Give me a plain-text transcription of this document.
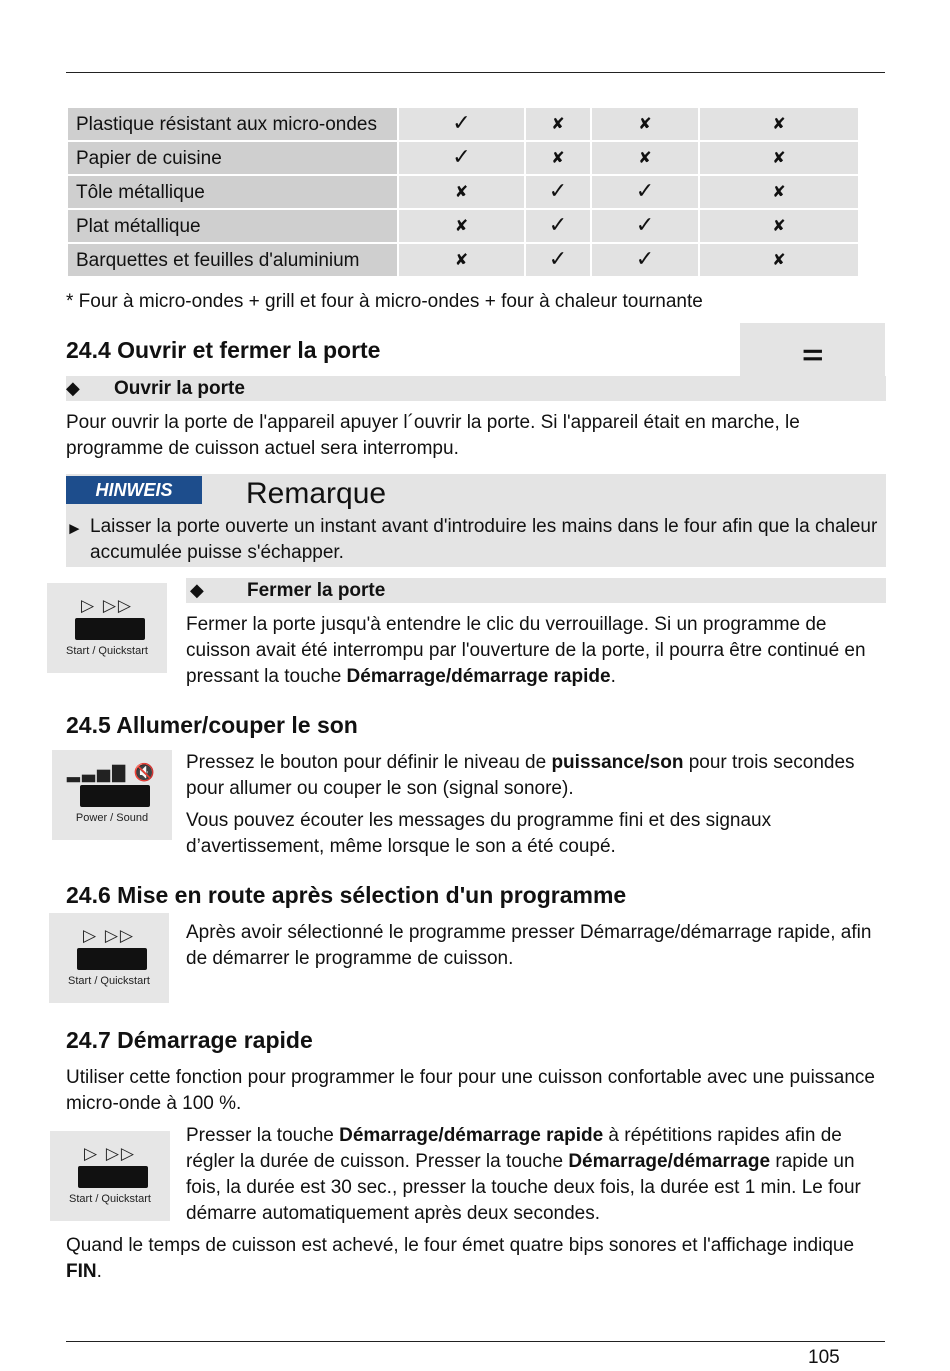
Plastique résistant aux micro-ondes	✓	✘	✘	✘
Papier de cuisine	✓	✘	✘	✘
Tôle métallique	✘	✓	✓	✘
Plat métallique	✘	✓	✓	✘
Barquettes et feuilles d'aluminium	✘	✓	✓	✘

* Four à micro-ondes + grill et four à micro-ondes + four à chaleur tournante

24.4 Ouvrir et fermer la porte	⚌
◆ Ouvrir la porte

Pour ouvrir la porte de l'appareil apuyer l´ouvrir la porte. Si l'appareil était en marche, le programme de cuisson actuel sera interrompu.

HINWEIS	Remarque
► Laisser la porte ouverte un instant avant d'introduire les mains dans le four afin que la chaleur accumulée puisse s'échapper.
▷ ▷▷
Start / Quickstart
◆ Fermer la porte

Fermer la porte jusqu'à entendre le clic du verrouillage. Si un programme de cuisson avait été interrompu par l'ouverture de la porte, il pourra être continué en pressant la touche Démarrage/démarrage rapide.

24.5 Allumer/couper le son
▂▃▅▇ 🔇
Power / Sound

Pressez le bouton pour définir le niveau de puissance/son pour trois secondes pour allumer ou couper le son (signal sonore).

Vous pouvez écouter les messages du programme fini et des signaux d’avertissement, même lorsque le son a été coupé.

24.6 Mise en route après sélection d'un programme
▷ ▷▷
Start / Quickstart

Après avoir sélectionné le programme presser Démarrage/démarrage rapide, afin de démarrer le programme de cuisson.

24.7 Démarrage rapide

Utiliser cette fonction pour programmer le four pour une cuisson confortable avec une puissance micro-onde à 100 %.

▷ ▷▷
Start / Quickstart

Presser la touche Démarrage/démarrage rapide à répétitions rapides afin de régler la durée de cuisson. Presser la touche Démarrage/démarrage rapide un fois, la durée est 30 sec., presser la touche deux fois, la durée est 1 min. Le four démarre automatiquement après deux secondes.

Quand le temps de cuisson est achevé, le four émet quatre bips sonores et l'affichage indique FIN.

105
